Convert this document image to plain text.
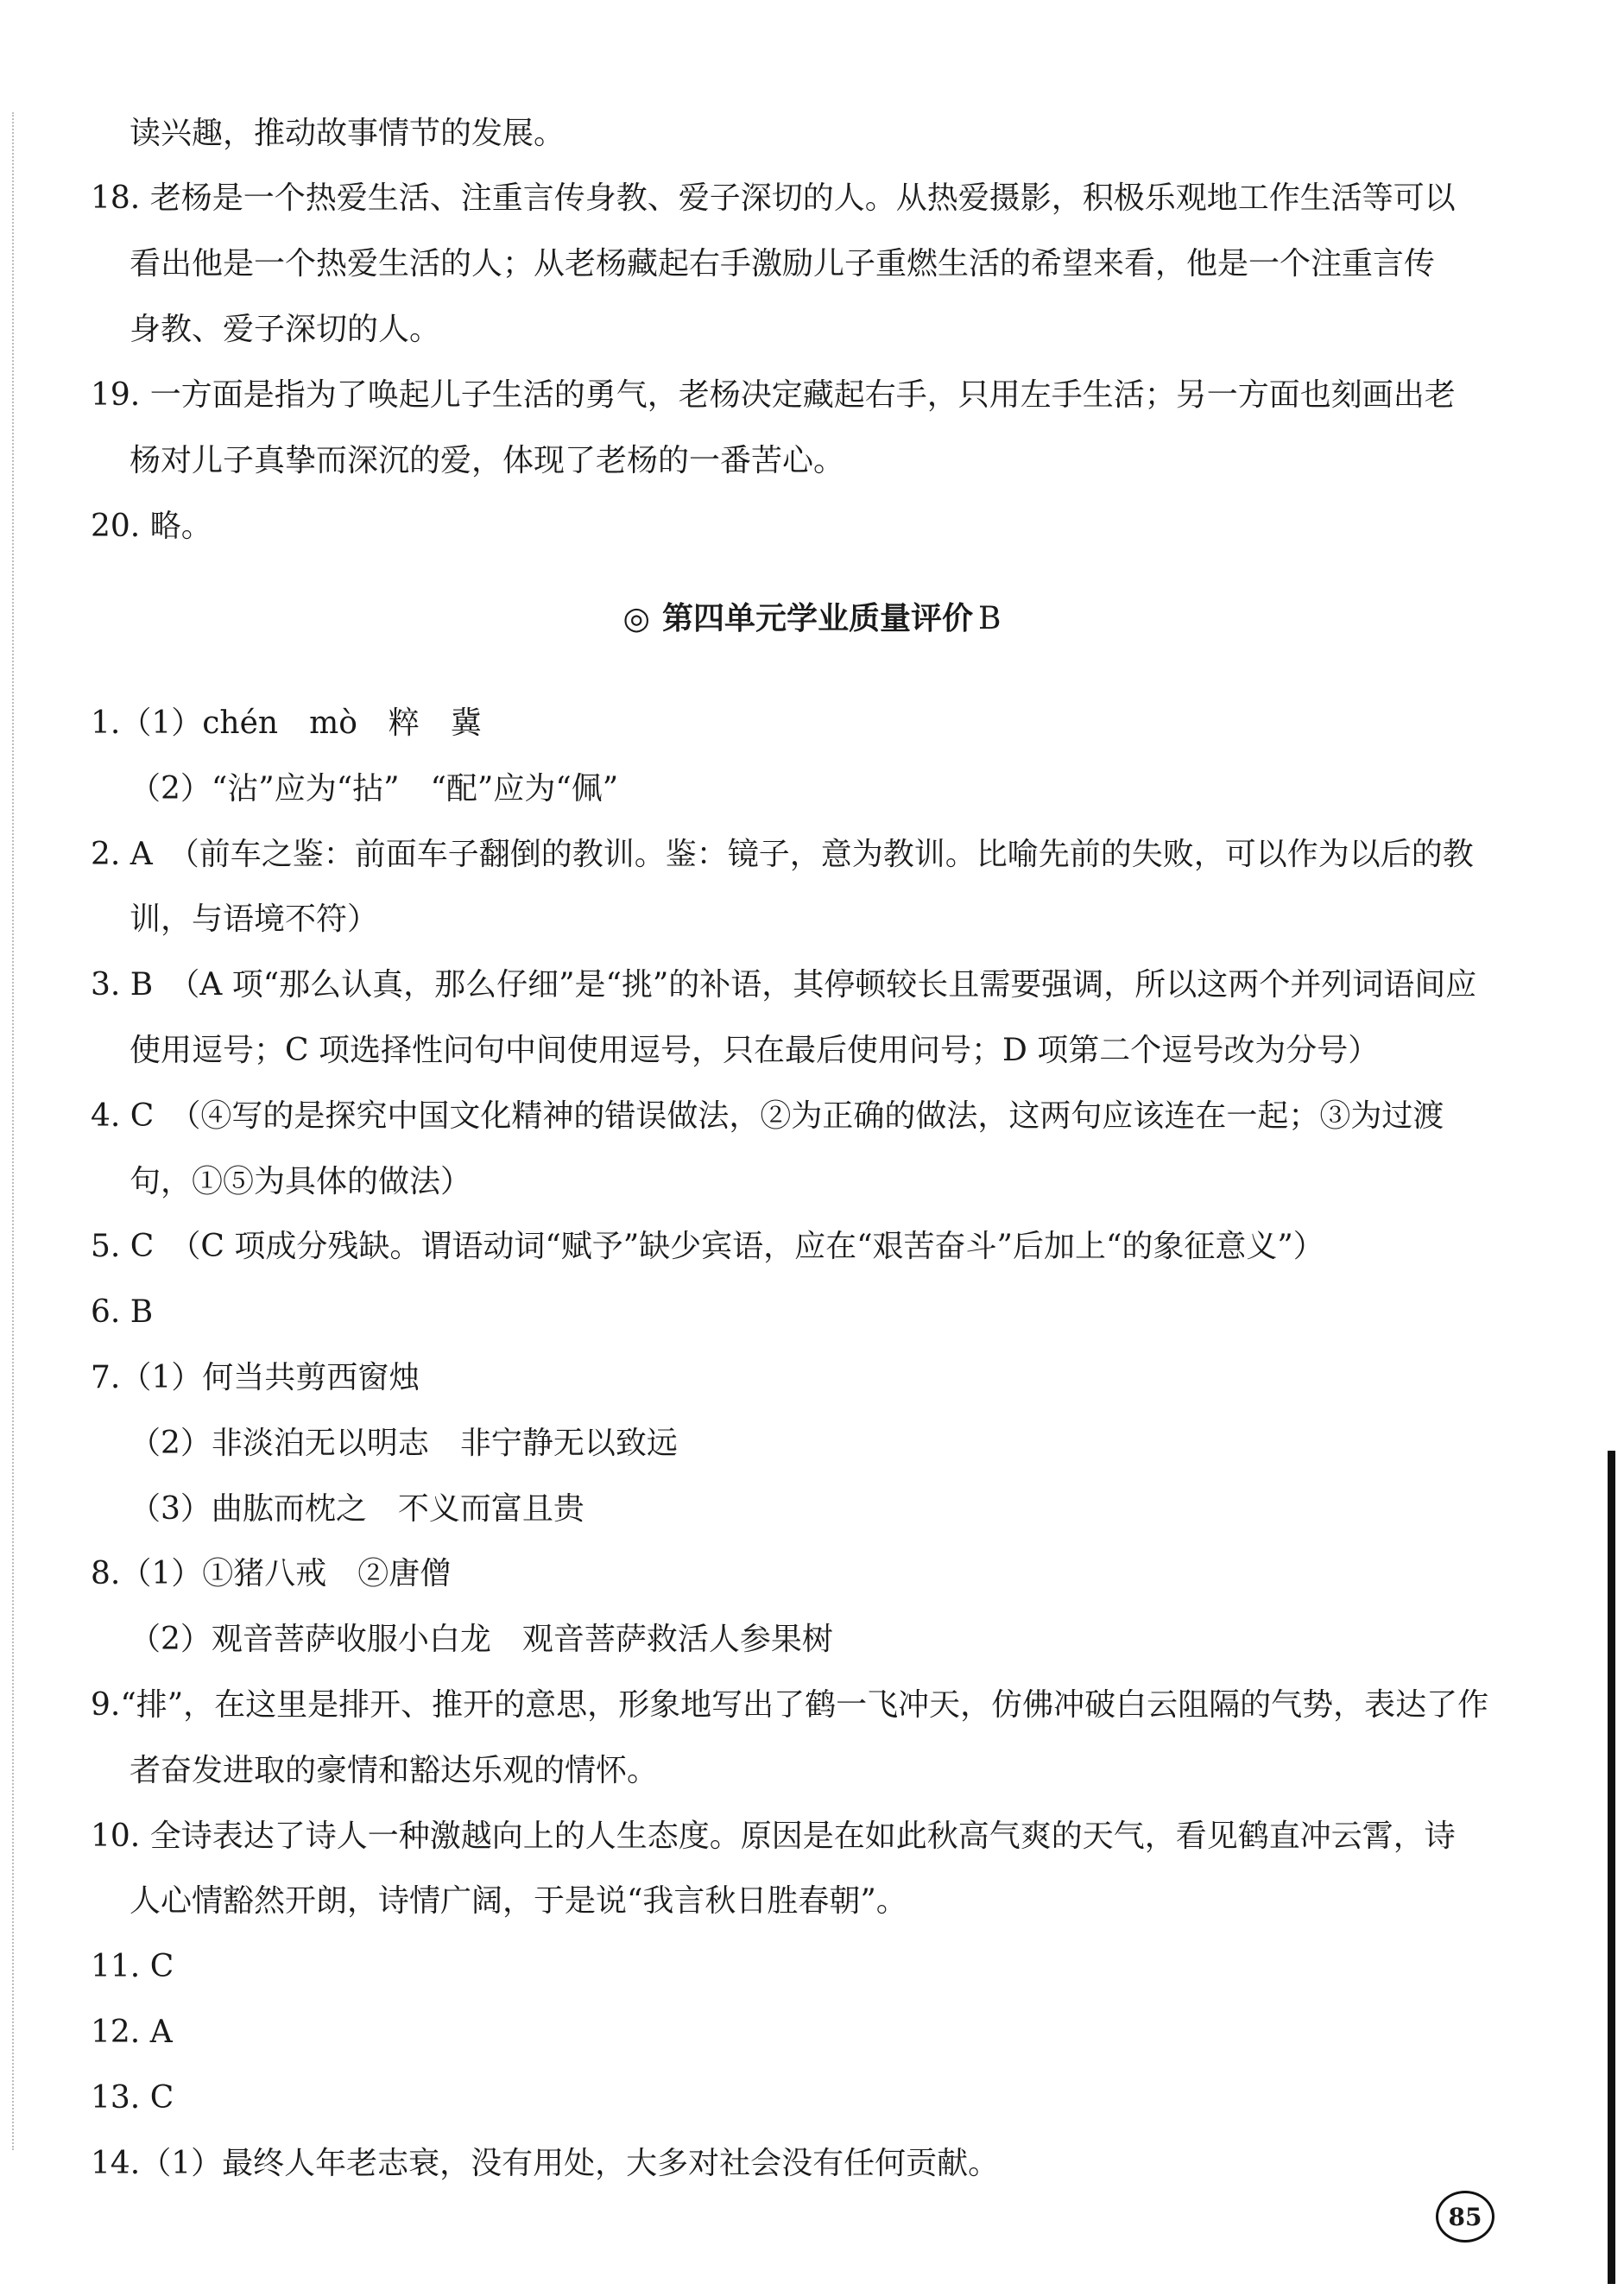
读兴趣，推动故事情节的发展。
18. 老杨是一个热爱生活、注重言传身教、爱子深切的人。从热爱摄影，积极乐观地工作生活等可以
看出他是一个热爱生活的人；从老杨藏起右手激励儿子重燃生活的希望来看，他是一个注重言传
身教、爱子深切的人。
19. 一方面是指为了唤起儿子生活的勇气，老杨决定藏起右手，只用左手生活；另一方面也刻画出老
杨对儿子真挚而深沉的爱，体现了老杨的一番苦心。
20. 略。
◎ 第四单元学业质量评价 B
1.（1）chén　mò　粹　冀
（2）“沾”应为“拈”　“配”应为“佩”
2. A　（前车之鉴：前面车子翻倒的教训。鉴：镜子，意为教训。比喻先前的失败，可以作为以后的教
训，与语境不符）
3. B　（A 项“那么认真，那么仔细”是“挑”的补语，其停顿较长且需要强调，所以这两个并列词语间应
使用逗号；C 项选择性问句中间使用逗号，只在最后使用问号；D 项第二个逗号改为分号）
4. C　（④写的是探究中国文化精神的错误做法，②为正确的做法，这两句应该连在一起；③为过渡
句，①⑤为具体的做法）
5. C　（C 项成分残缺。谓语动词“赋予”缺少宾语，应在“艰苦奋斗”后加上“的象征意义”）
6. B
7.（1）何当共剪西窗烛
（2）非淡泊无以明志　非宁静无以致远
（3）曲肱而枕之　不义而富且贵
8.（1）①猪八戒　②唐僧
（2）观音菩萨收服小白龙　观音菩萨救活人参果树
9.“排”，在这里是排开、推开的意思，形象地写出了鹤一飞冲天，仿佛冲破白云阻隔的气势，表达了作
者奋发进取的豪情和豁达乐观的情怀。
10. 全诗表达了诗人一种激越向上的人生态度。原因是在如此秋高气爽的天气，看见鹤直冲云霄，诗
人心情豁然开朗，诗情广阔，于是说“我言秋日胜春朝”。
11. C
12. A
13. C
14.（1）最终人年老志衰，没有用处，大多对社会没有任何贡献。
85
